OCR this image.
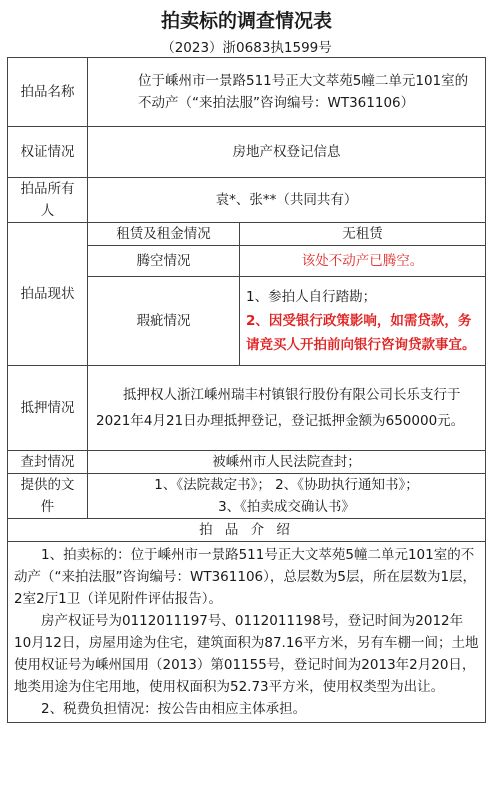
拍卖标的调查情况表
（2023）浙0683执1599号
拍品名称	位于嵊州市一景路511号正大文萃苑5幢二单元101室的不动产（“来拍法服”咨询编号：WT361106）	
权证情况	房地产权登记信息	
拍品所有人	袁*、张**（共同共有）	
拍品现状	租赁及租金情况	无租赁
	腾空情况	该处不动产已腾空。
	瑕疵情况	1、参拍人自行踏勘；
2、因受银行政策影响，如需贷款，务请竞买人开拍前向银行咨询贷款事宜。

抵押情况	抵押权人浙江嵊州瑞丰村镇银行股份有限公司长乐支行于2021年4月21日办理抵押登记，登记抵押金额为650000元。	
查封情况	被嵊州市人民法院查封；	
提供的文件	1、《法院裁定书》； 2、《协助执行通知书》；
3、《拍卖成交确认书》	

拍 品 介 绍		

1、拍卖标的：位于嵊州市一景路511号正大文萃苑5幢二单元101室的不动产（“来拍法服”咨询编号：WT361106），总层数为5层，所在层数为1层，2室2厅1卫（详见附件评估报告）。
房产权证号为0112011197号、0112011198号，登记时间为2012年10月12日，房屋用途为住宅，建筑面积为87.16平方米，另有车棚一间；土地使用权证号为嵊州国用（2013）第01155号，登记时间为2013年2月20日，地类用途为住宅用地，使用权面积为52.73平方米，使用权类型为出让。
2、税费负担情况：按公告由相应主体承担。		
